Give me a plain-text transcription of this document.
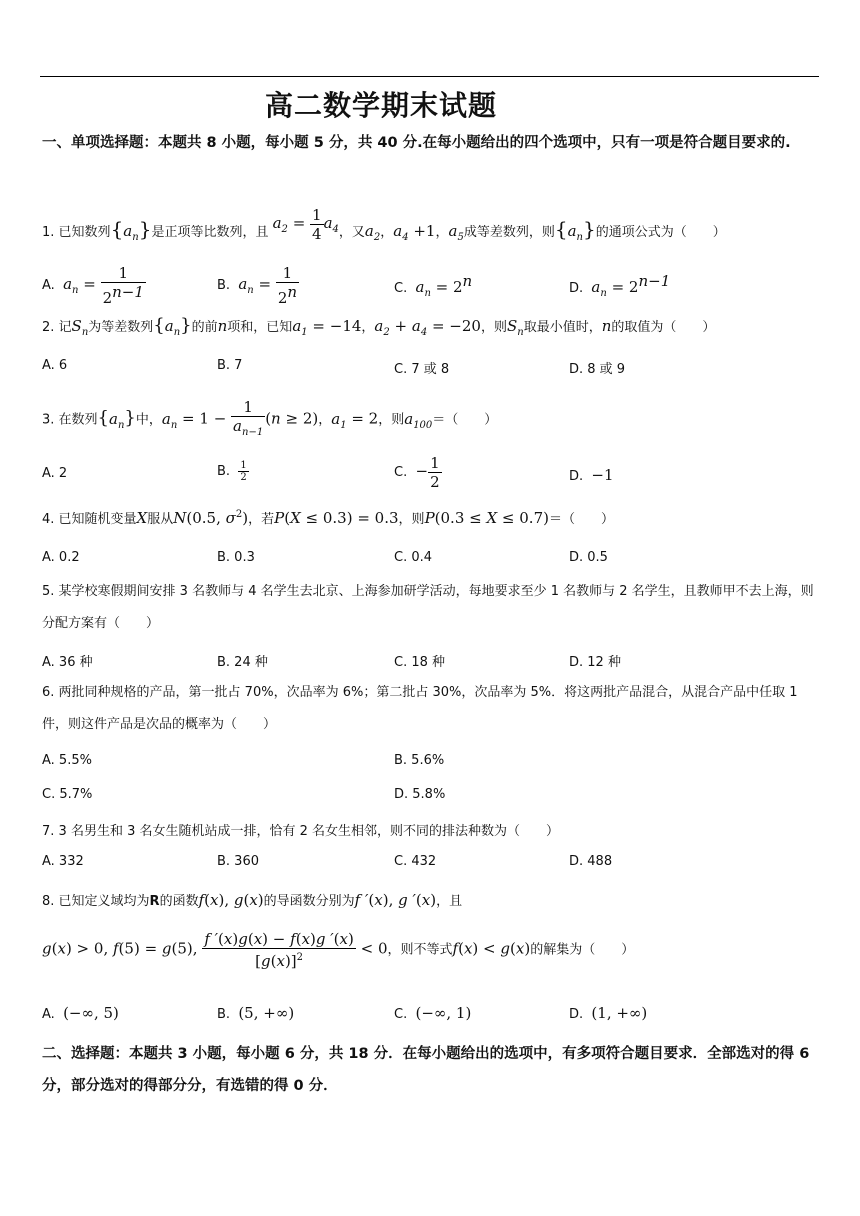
高二数学期末试题
一、单项选择题：本题共 8 小题，每小题 5 分，共 40 分.在每小题给出的四个选项中，只有一项是符合题目要求的.
1. 已知数列$\{a_n\}$是正项等比数列，且 $a_2 = \frac{1}{4} a_4$，又$a_2$，$a_4 +1$，$a_5$成等差数列，则$\{a_n\}$的通项公式为（　　）
A. $a_n = \frac{1}{2^{n-1}}$	B. $a_n = \frac{1}{2^n}$	C. $a_n = 2^n$	D. $a_n = 2^{n-1}$
2. 记$S_n$为等差数列$\{a_n\}$的前n项和，已知$a_1 = -14$，$a_2 + a_4 = -20$，则$S_n$取最小值时，n的取值为（　　）
A. 6	B. 7	C. 7 或 8	D. 8 或 9
3. 在数列$\{a_n\}$中，$a_n = 1 - \frac{1}{a_{n-1}} (n \ge 2)$，$a_1 = 2$，则$a_{100}=$（　　）
A. 2	B. $\frac{1}{2}$	C. − $\frac{1}{2}$	D. −1
4. 已知随机变量X服从N(0.5, $\sigma^2$)，若P(X ≤ 0.3) = 0.3，则P(0.3 ≤ X ≤ 0.7)＝（　　）
A. 0.2	B. 0.3	C. 0.4	D. 0.5
5. 某学校寒假期间安排 3 名教师与 4 名学生去北京、上海参加研学活动，每地要求至少 1 名教师与 2 名学生，且教师甲不去上海，则分配方案有（　　）
A. 36 种	B. 24 种	C. 18 种	D. 12 种
6. 两批同种规格的产品，第一批占 70%，次品率为 6%；第二批占 30%，次品率为 5%．将这两批产品混合，从混合产品中任取 1 件，则这件产品是次品的概率为（　　）
A. 5.5%	B. 5.6%
C. 5.7%	D. 5.8%
7. 3 名男生和 3 名女生随机站成一排，恰有 2 名女生相邻，则不同的排法种数为（　　）
A. 332	B. 360	C. 432	D. 488
8. 已知定义域均为R的函数f(x), g(x)的导函数分别为f ′(x), g ′(x)，且
g(x) > 0, f(5) = g(5), $\frac{f '(x)g(x) - f(x)g '(x)}{[g(x)]^2} < 0$，则不等式f(x) < g(x)的解集为（　　）
A. (−∞, 5)	B. (5, +∞)	C. (−∞, 1)	D. (1, +∞)
二、选择题：本题共 3 小题，每小题 6 分，共 18 分．在每小题给出的选项中，有多项符合题目要求．全部选对的得 6 分，部分选对的得部分分，有选错的得 0 分．
